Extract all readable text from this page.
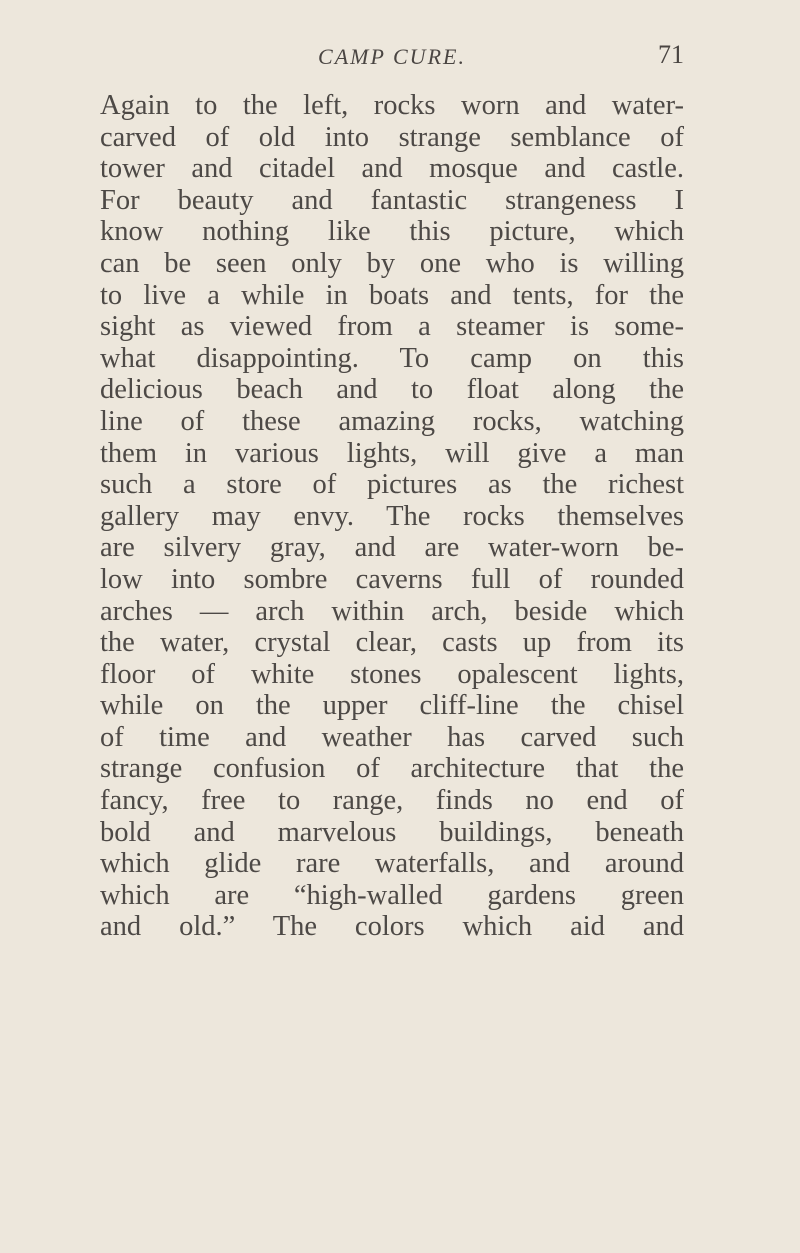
CAMP CURE.	71
Again to the left, rocks worn and water-
carved of old into strange semblance of
tower and citadel and mosque and castle.
For beauty and fantastic strangeness I
know nothing like this picture, which
can be seen only by one who is willing
to live a while in boats and tents, for the
sight as viewed from a steamer is some-
what disappointing. To camp on this
delicious beach and to float along the
line of these amazing rocks, watching
them in various lights, will give a man
such a store of pictures as the richest
gallery may envy. The rocks themselves
are silvery gray, and are water-worn be-
low into sombre caverns full of rounded
arches — arch within arch, beside which
the water, crystal clear, casts up from its
floor of white stones opalescent lights,
while on the upper cliff-line the chisel
of time and weather has carved such
strange confusion of architecture that the
fancy, free to range, finds no end of
bold and marvelous buildings, beneath
which glide rare waterfalls, and around
which are “high-walled gardens green
and old.” The colors which aid and
